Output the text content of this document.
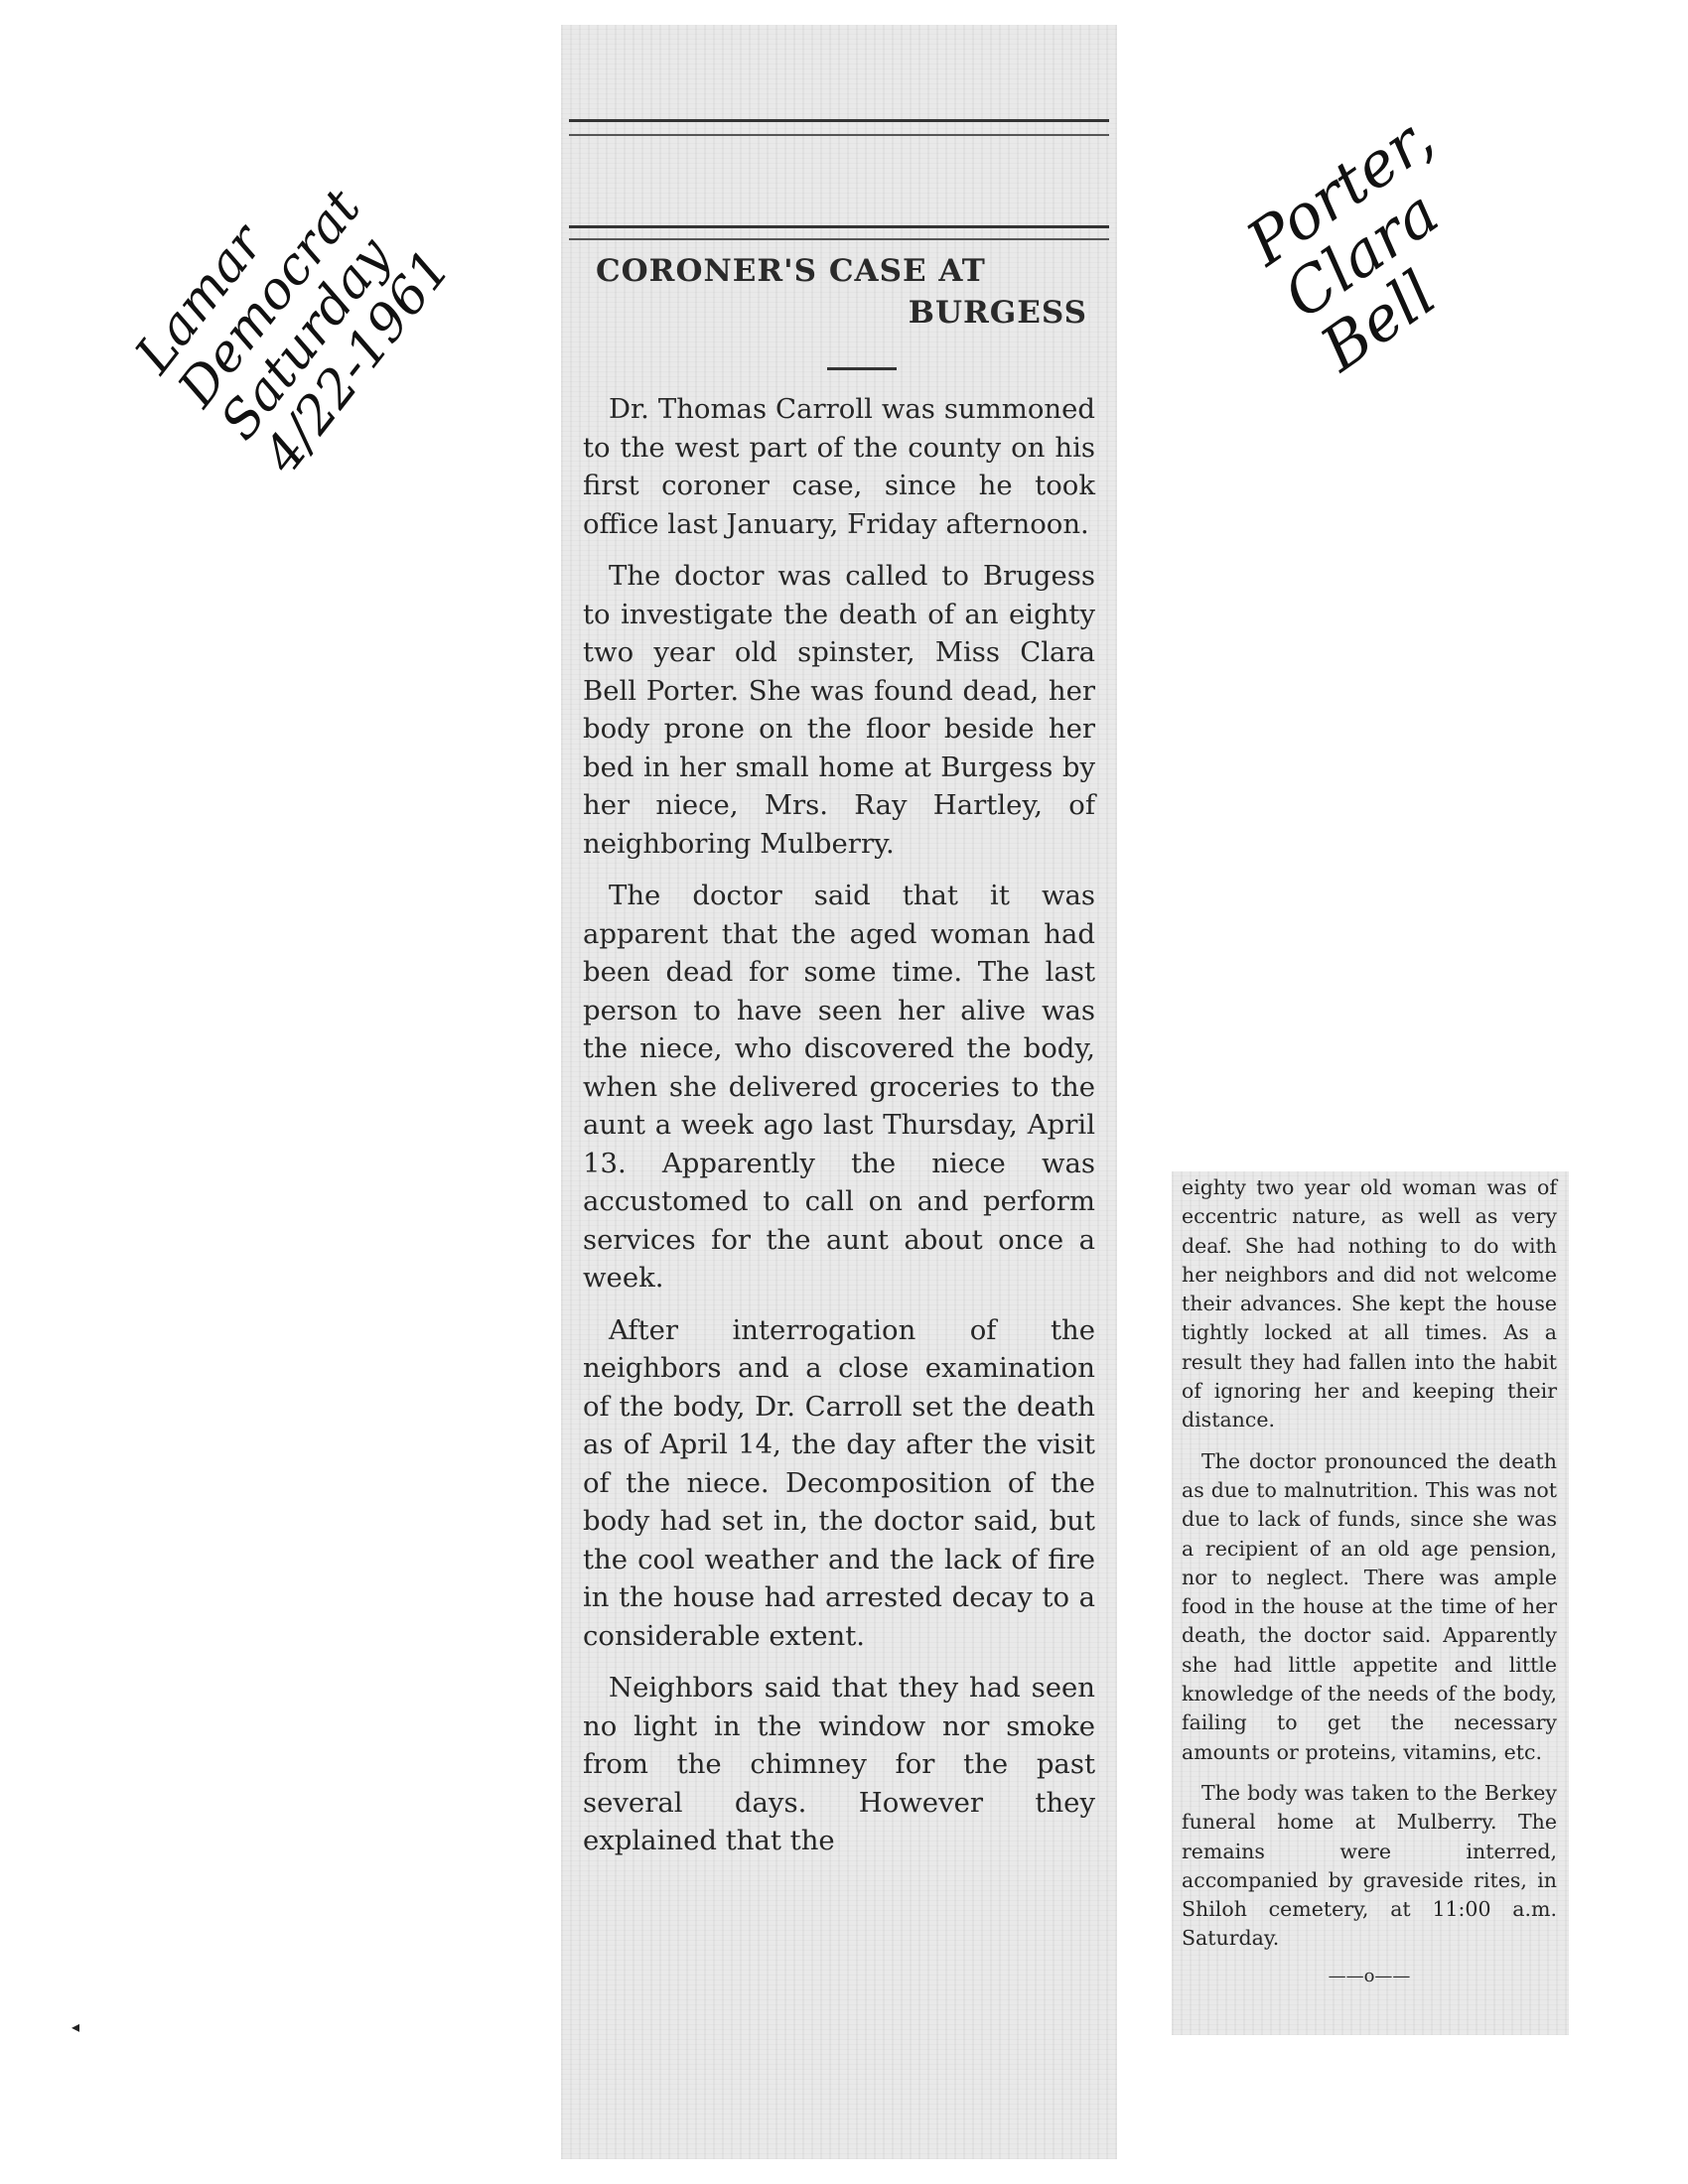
Lamar
Democrat
Saturday
4/22-1961
Porter,
Clara
Bell
CORONER'S CASE AT
BURGESS

Dr. Thomas Carroll was summoned to the west part of the county on his first coroner case, since he took office last January, Friday afternoon.

The doctor was called to Brugess to investigate the death of an eighty two year old spinster, Miss Clara Bell Porter. She was found dead, her body prone on the floor beside her bed in her small home at Burgess by her niece, Mrs. Ray Hartley, of neighboring Mulberry.

The doctor said that it was apparent that the aged woman had been dead for some time. The last person to have seen her alive was the niece, who discovered the body, when she delivered groceries to the aunt a week ago last Thursday, April 13. Apparently the niece was accustomed to call on and perform services for the aunt about once a week.

After interrogation of the neighbors and a close examination of the body, Dr. Carroll set the death as of April 14, the day after the visit of the niece. Decomposition of the body had set in, the doctor said, but the cool weather and the lack of fire in the house had arrested decay to a considerable extent.

Neighbors said that they had seen no light in the window nor smoke from the chimney for the past several days. However they explained that the

eighty two year old woman was of eccentric nature, as well as very deaf. She had nothing to do with her neighbors and did not welcome their advances. She kept the house tightly locked at all times. As a result they had fallen into the habit of ignoring her and keeping their distance.

The doctor pronounced the death as due to malnutrition. This was not due to lack of funds, since she was a recipient of an old age pension, nor to neglect. There was ample food in the house at the time of her death, the doctor said. Apparently she had little appetite and little knowledge of the needs of the body, failing to get the necessary amounts or proteins, vitamins, etc.

The body was taken to the Berkey funeral home at Mulberry. The remains were interred, accompanied by graveside rites, in Shiloh cemetery, at 11:00 a.m. Saturday.

——o——
◂
